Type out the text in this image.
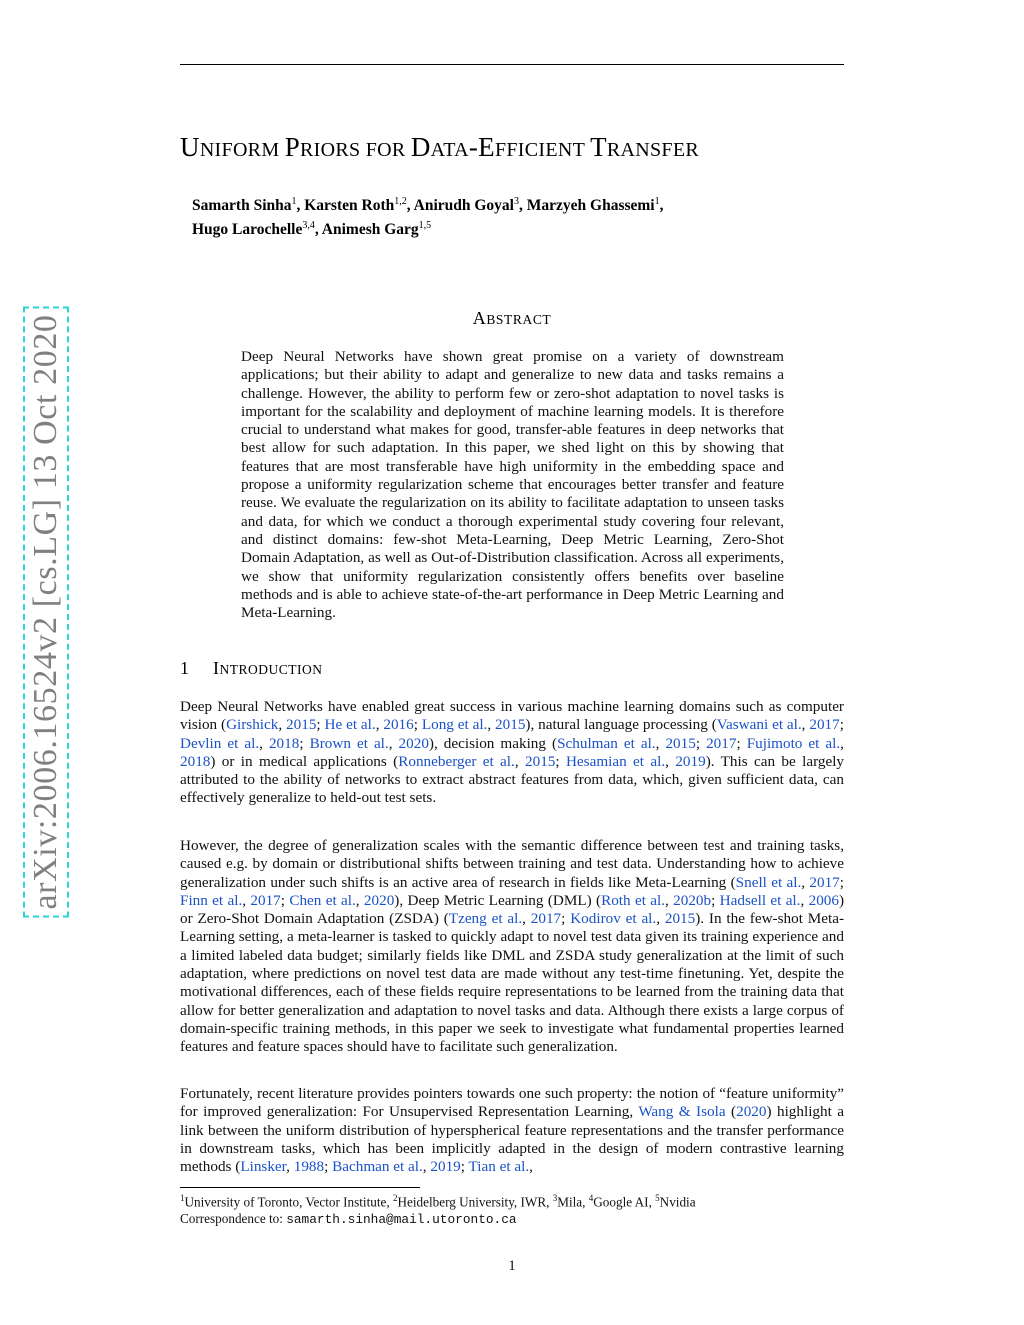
arXiv:2006.16524v2 [cs.LG] 13 Oct 2020
UNIFORM PRIORS FOR DATA-EFFICIENT TRANSFER
Samarth Sinha$^1$, Karsten Roth$^{1,2}$, Anirudh Goyal$^3$, Marzyeh Ghassemi$^1$,
Hugo Larochelle$^{3,4}$, Animesh Garg$^{1,5}$
ABSTRACT
Deep Neural Networks have shown great promise on a variety of downstream applications; but their ability to adapt and generalize to new data and tasks remains a challenge. However, the ability to perform few or zero-shot adaptation to novel tasks is important for the scalability and deployment of machine learning models. It is therefore crucial to understand what makes for good, transfer-able features in deep networks that best allow for such adaptation. In this paper, we shed light on this by showing that features that are most transferable have high uniformity in the embedding space and propose a uniformity regularization scheme that encourages better transfer and feature reuse. We evaluate the regularization on its ability to facilitate adaptation to unseen tasks and data, for which we conduct a thorough experimental study covering four relevant, and distinct domains: few-shot Meta-Learning, Deep Metric Learning, Zero-Shot Domain Adaptation, as well as Out-of-Distribution classification. Across all experiments, we show that uniformity regularization consistently offers benefits over baseline methods and is able to achieve state-of-the-art performance in Deep Metric Learning and Meta-Learning.
1 INTRODUCTION

Deep Neural Networks have enabled great success in various machine learning domains such as computer vision (Girshick, 2015; He et al., 2016; Long et al., 2015), natural language processing (Vaswani et al., 2017; Devlin et al., 2018; Brown et al., 2020), decision making (Schulman et al., 2015; 2017; Fujimoto et al., 2018) or in medical applications (Ronneberger et al., 2015; Hesamian et al., 2019). This can be largely attributed to the ability of networks to extract abstract features from data, which, given sufficient data, can effectively generalize to held-out test sets.

However, the degree of generalization scales with the semantic difference between test and training tasks, caused e.g. by domain or distributional shifts between training and test data. Understanding how to achieve generalization under such shifts is an active area of research in fields like Meta-Learning (Snell et al., 2017; Finn et al., 2017; Chen et al., 2020), Deep Metric Learning (DML) (Roth et al., 2020b; Hadsell et al., 2006) or Zero-Shot Domain Adaptation (ZSDA) (Tzeng et al., 2017; Kodirov et al., 2015). In the few-shot Meta-Learning setting, a meta-learner is tasked to quickly adapt to novel test data given its training experience and a limited labeled data budget; similarly fields like DML and ZSDA study generalization at the limit of such adaptation, where predictions on novel test data are made without any test-time finetuning. Yet, despite the motivational differences, each of these fields require representations to be learned from the training data that allow for better generalization and adaptation to novel tasks and data. Although there exists a large corpus of domain-specific training methods, in this paper we seek to investigate what fundamental properties learned features and feature spaces should have to facilitate such generalization.

Fortunately, recent literature provides pointers towards one such property: the notion of “feature uniformity” for improved generalization: For Unsupervised Representation Learning, Wang & Isola (2020) highlight a link between the uniform distribution of hyperspherical feature representations and the transfer performance in downstream tasks, which has been implicitly adapted in the design of modern contrastive learning methods (Linsker, 1988; Bachman et al., 2019; Tian et al.,

$^1$University of Toronto, Vector Institute, $^2$Heidelberg University, IWR, $^3$Mila, $^4$Google AI, $^5$Nvidia
Correspondence to: samarth.sinha@mail.utoronto.ca
1
